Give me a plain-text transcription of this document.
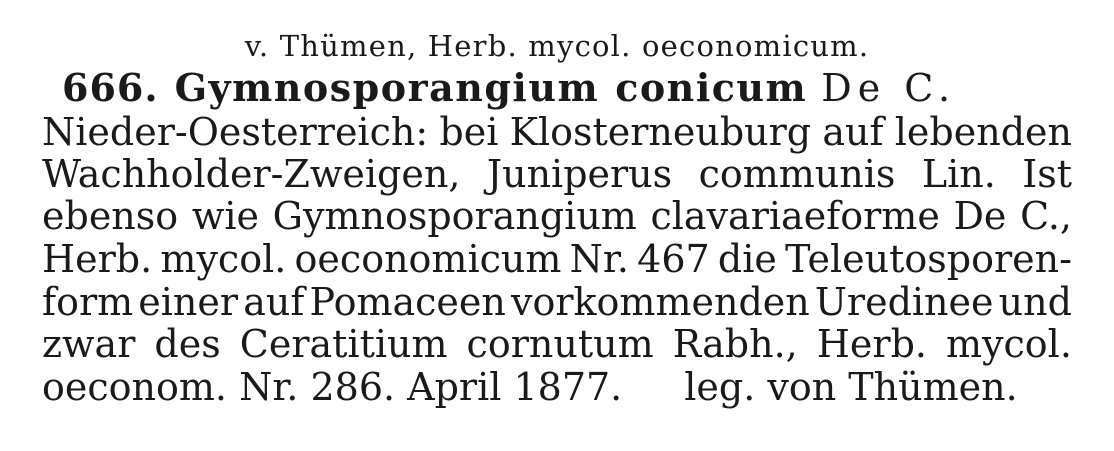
v. Thümen, Herb. mycol. oeconomicum.
666. Gymnosporangium conicum De C.
Nieder-Oesterreich: bei Klosterneuburg auf lebenden
Wachholder-Zweigen, Juniperus communis Lin. Ist
ebenso wie Gymnosporangium clavariaeforme De C.,
Herb. mycol. oeconomicum Nr. 467 die Teleutosporen-
form einer auf Pomaceen vorkommenden Uredinee und
zwar des Ceratitium cornutum Rabh., Herb. mycol.
oeconom. Nr. 286. April 1877. leg. von Thümen.
